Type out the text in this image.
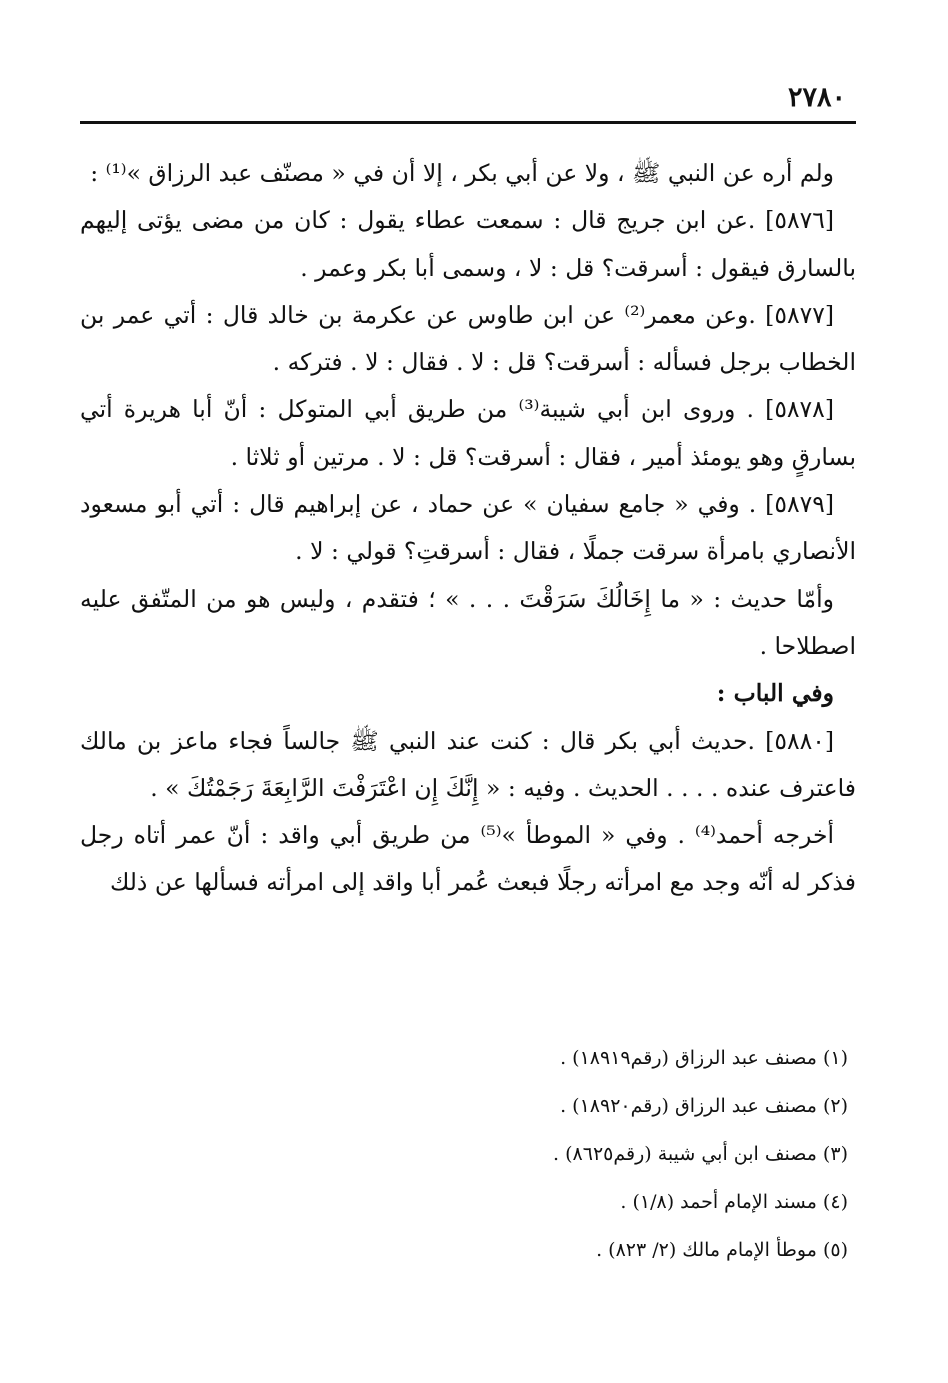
٢٧٨٠

ولم أره عن النبي ﷺ ، ولا عن أبي بكر ، إلا أن في « مصنّف عبد الرزاق »⁽¹⁾ :

[٥٨٧٦] .عن ابن جريج قال : سمعت عطاء يقول : كان من مضى يؤتى إليهم بالسارق فيقول : أسرقت؟ قل : لا ، وسمى أبا بكر وعمر .

[٥٨٧٧] .وعن معمر⁽²⁾ عن ابن طاوس عن عكرمة بن خالد قال : أتي عمر بن الخطاب برجل فسأله : أسرقت؟ قل : لا . فقال : لا . فتركه .

[٥٨٧٨] . وروى ابن أبي شيبة⁽³⁾ من طريق أبي المتوكل : أنّ أبا هريرة أتي بسارقٍ وهو يومئذ أمير ، فقال : أسرقت؟ قل : لا . مرتين أو ثلاثا .

[٥٨٧٩] . وفي « جامع سفيان » عن حماد ، عن إبراهيم قال : أتي أبو مسعود الأنصاري بامرأة سرقت جملًا ، فقال : أسرقتِ؟ قولي : لا .

وأمّا حديث : « ما إِخَالُكَ سَرَقْتَ . . . » ؛ فتقدم ، وليس هو من المتّفق عليه اصطلاحا .

وفي الباب :

[٥٨٨٠] .حديث أبي بكر قال : كنت عند النبي ﷺ جالساً فجاء ماعز بن مالك فاعترف عنده . . . . الحديث . وفيه : « إِنَّكَ إِن اعْتَرَفْتَ الرَّابِعَةَ رَجَمْتُكَ » .

أخرجه أحمد⁽⁴⁾ . وفي « الموطأ »⁽⁵⁾ من طريق أبي واقد : أنّ عمر أتاه رجل فذكر له أنّه وجد مع امرأته رجلًا فبعث عُمر أبا واقد إلى امرأته فسألها عن ذلك

(١) مصنف عبد الرزاق (رقم١٨٩١٩) .

(٢) مصنف عبد الرزاق (رقم١٨٩٢٠) .

(٣) مصنف ابن أبي شيبة (رقم٨٦٢٥) .

(٤) مسند الإمام أحمد (١/٨) .

(٥) موطأ الإمام مالك (٢/ ٨٢٣) .
